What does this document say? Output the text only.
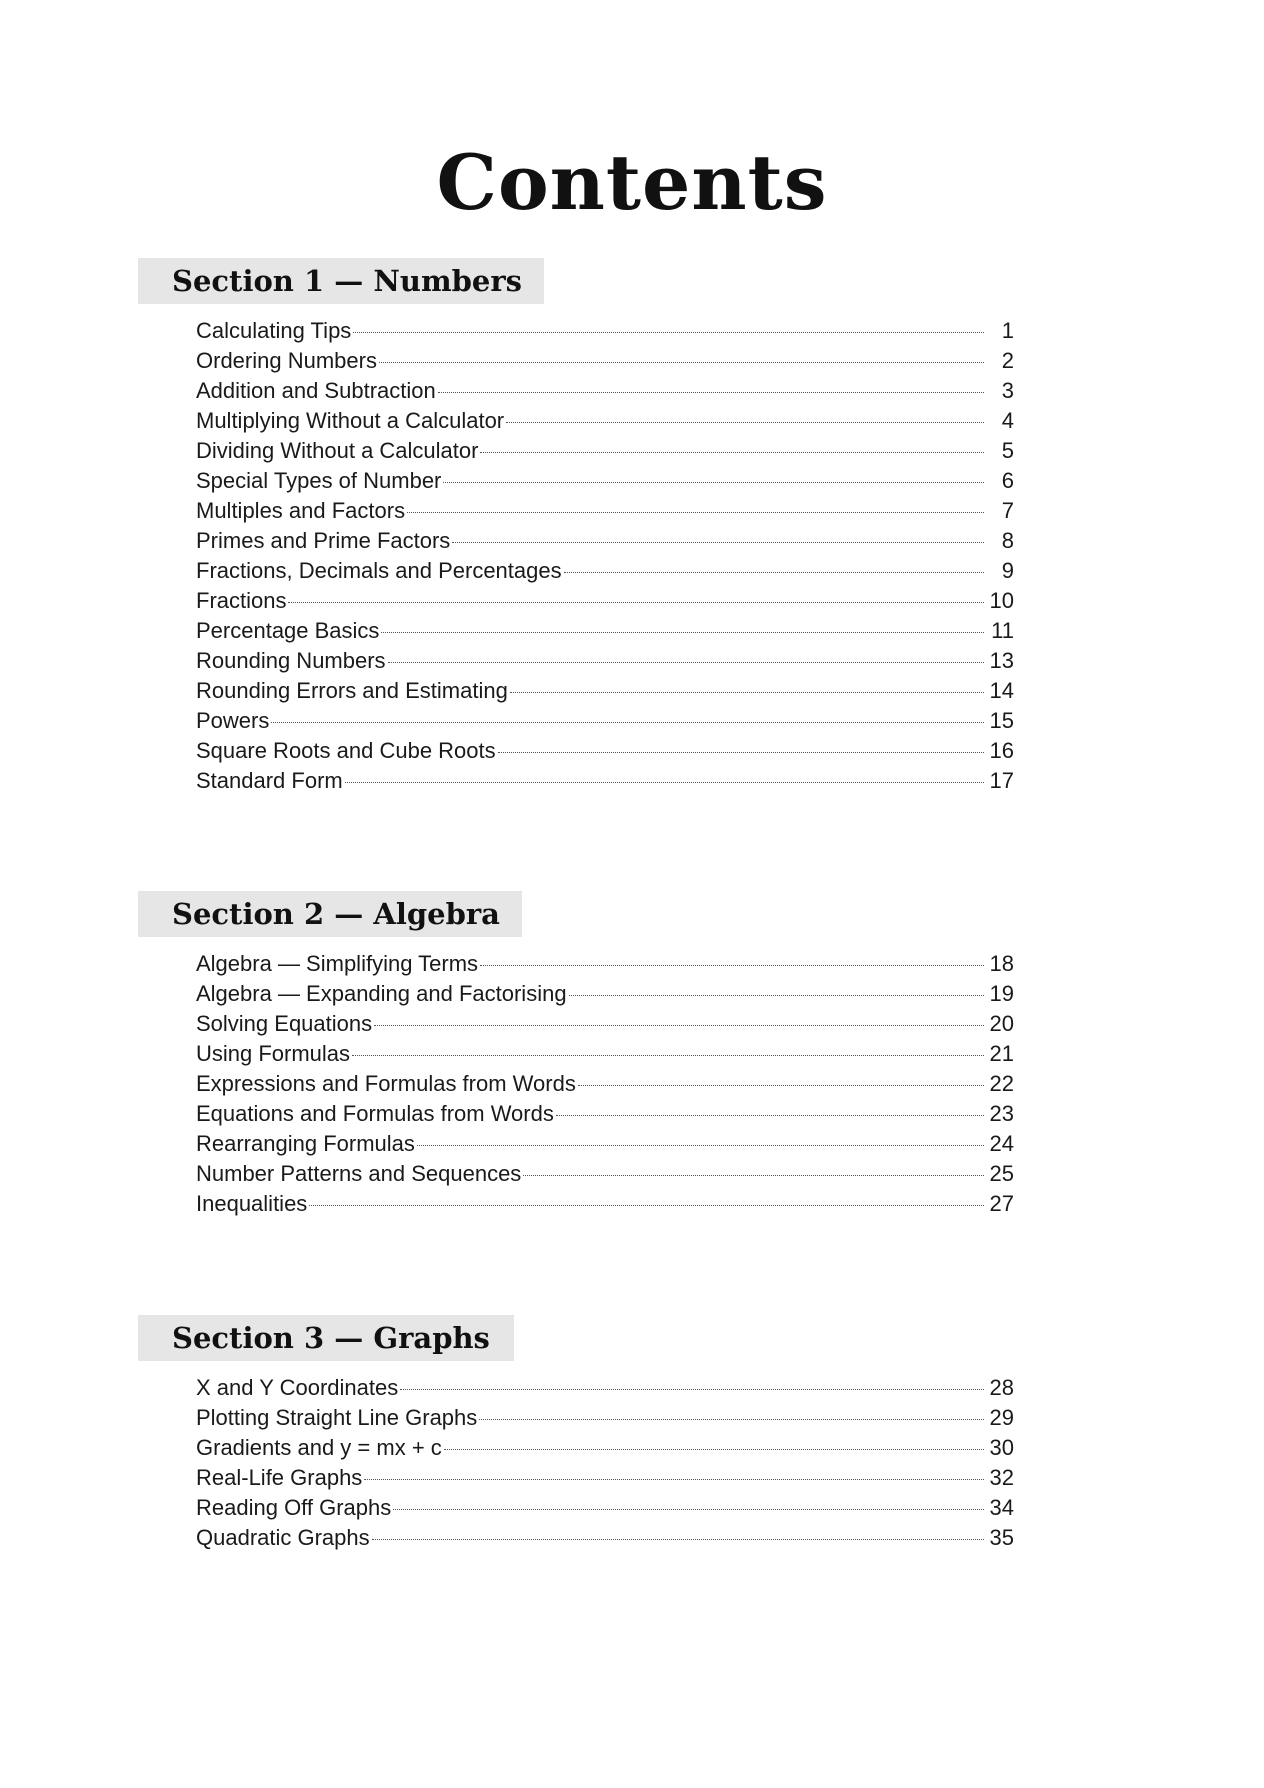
Contents
Section 1 — Numbers
Calculating Tips	1
Ordering Numbers	2
Addition and Subtraction	3
Multiplying Without a Calculator	4
Dividing Without a Calculator	5
Special Types of Number	6
Multiples and Factors	7
Primes and Prime Factors	8
Fractions, Decimals and Percentages	9
Fractions	10
Percentage Basics	11
Rounding Numbers	13
Rounding Errors and Estimating	14
Powers	15
Square Roots and Cube Roots	16
Standard Form	17
Section 2 — Algebra
Algebra — Simplifying Terms	18
Algebra — Expanding and Factorising	19
Solving Equations	20
Using Formulas	21
Expressions and Formulas from Words	22
Equations and Formulas from Words	23
Rearranging Formulas	24
Number Patterns and Sequences	25
Inequalities	27
Section 3 — Graphs
X and Y Coordinates	28
Plotting Straight Line Graphs	29
Gradients and y = mx + c	30
Real-Life Graphs	32
Reading Off Graphs	34
Quadratic Graphs	35
